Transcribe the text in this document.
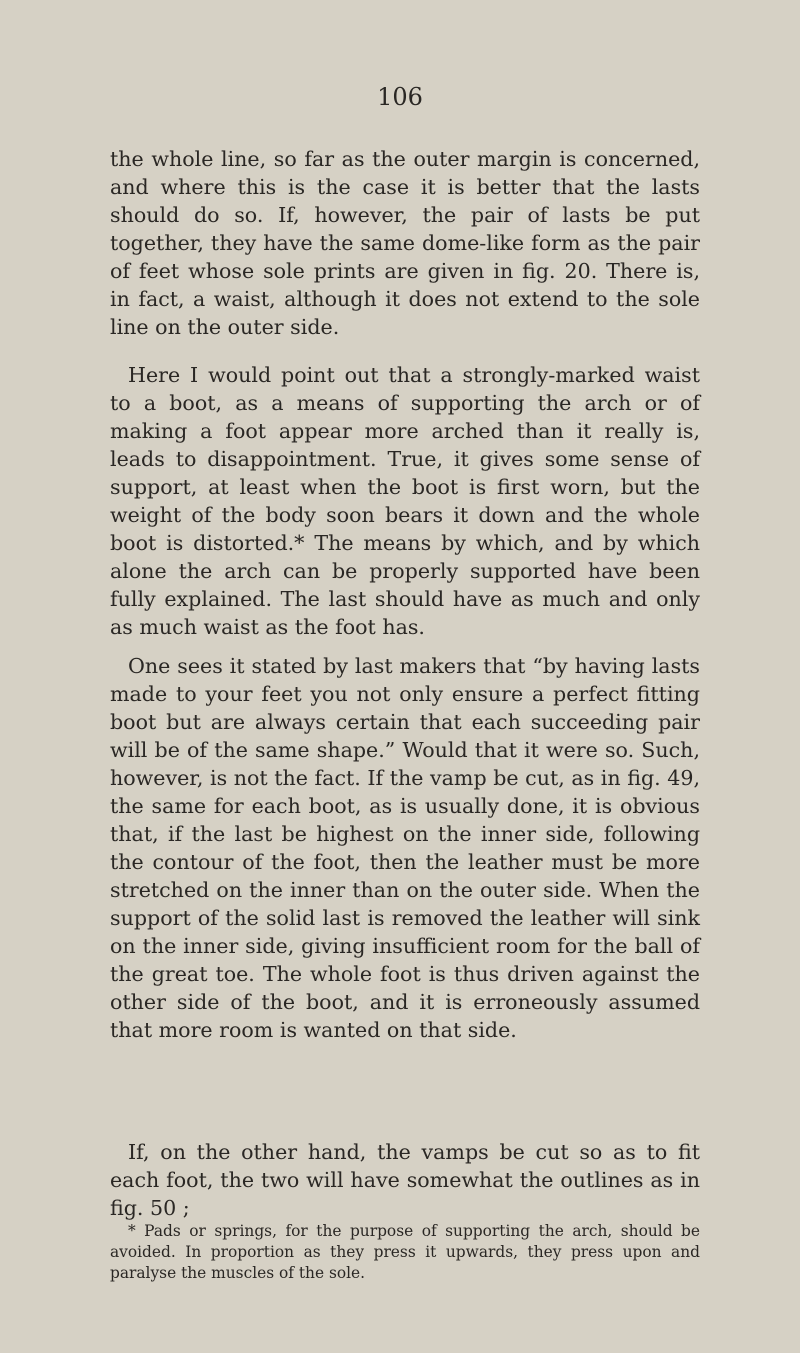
106

the whole line, so far as the outer margin is concerned, and where this is the case it is better that the lasts should do so. If, however, the pair of lasts be put together, they have the same dome-like form as the pair of feet whose sole prints are given in fig. 20. There is, in fact, a waist, although it does not extend to the sole line on the outer side.

Here I would point out that a strongly-marked waist to a boot, as a means of supporting the arch or of making a foot appear more arched than it really is, leads to disappointment. True, it gives some sense of support, at least when the boot is first worn, but the weight of the body soon bears it down and the whole boot is distorted.* The means by which, and by which alone the arch can be properly supported have been fully explained. The last should have as much and only as much waist as the foot has.

One sees it stated by last makers that “by having lasts made to your feet you not only ensure a perfect fitting boot but are always certain that each succeeding pair will be of the same shape.” Would that it were so. Such, however, is not the fact. If the vamp be cut, as in fig. 49, the same for each boot, as is usually done, it is obvious that, if the last be highest on the inner side, following the contour of the foot, then the leather must be more stretched on the inner than on the outer side. When the support of the solid last is removed the leather will sink on the inner side, giving insufficient room for the ball of the great toe. The whole foot is thus driven against the other side of the boot, and it is erroneously assumed that more room is wanted on that side.

If, on the other hand, the vamps be cut so as to fit each foot, the two will have somewhat the outlines as in fig. 50 ;

* Pads or springs, for the purpose of supporting the arch, should be avoided. In proportion as they press it upwards, they press upon and paralyse the muscles of the sole.
